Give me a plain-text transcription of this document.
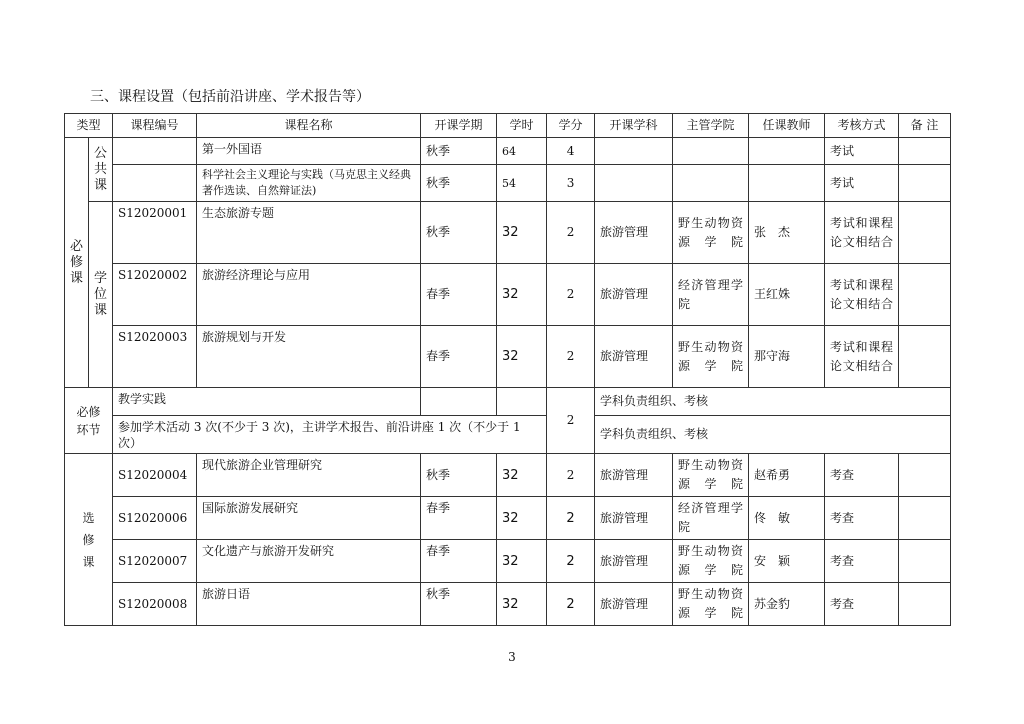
三、课程设置（包括前沿讲座、学术报告等）
类型		课程编号	课程名称	开课学期	学时	学分	开课学科	主管学院	任课教师	考核方式	备 注
必修课	公共课		第一外国语	秋季	64	4				考试	
			科学社会主义理论与实践（马克思主义经典著作选读、自然辩证法)	秋季	54	3				考试	
	学位课	S12020001	生态旅游专题	秋季	32	2	旅游管理	野生动物资源学院	张　杰	考试和课程论文相结合	
		S12020002	旅游经济理论与应用	春季	32	2	旅游管理	经济管理学院	王红姝	考试和课程论文相结合	
		S12020003	旅游规划与开发	春季	32	2	旅游管理	野生动物资源学院	那守海	考试和课程论文相结合	
必修环节		教学实践				2	学科负责组织、考核				
		参加学术活动 3 次(不少于 3 次)，主讲学术报告、前沿讲座 1 次（不少于 1 次）					学科负责组织、考核				
选修课		S12020004	现代旅游企业管理研究	秋季	32	2	旅游管理	野生动物资源学院	赵希勇	考查	
		S12020006	国际旅游发展研究	春季	32	2	旅游管理	经济管理学院	佟　敏	考查	
		S12020007	文化遗产与旅游开发研究	春季	32	2	旅游管理	野生动物资源学院	安　颖	考查	
		S12020008	旅游日语	秋季	32	2	旅游管理	野生动物资源学院	苏金豹	考查	
3
